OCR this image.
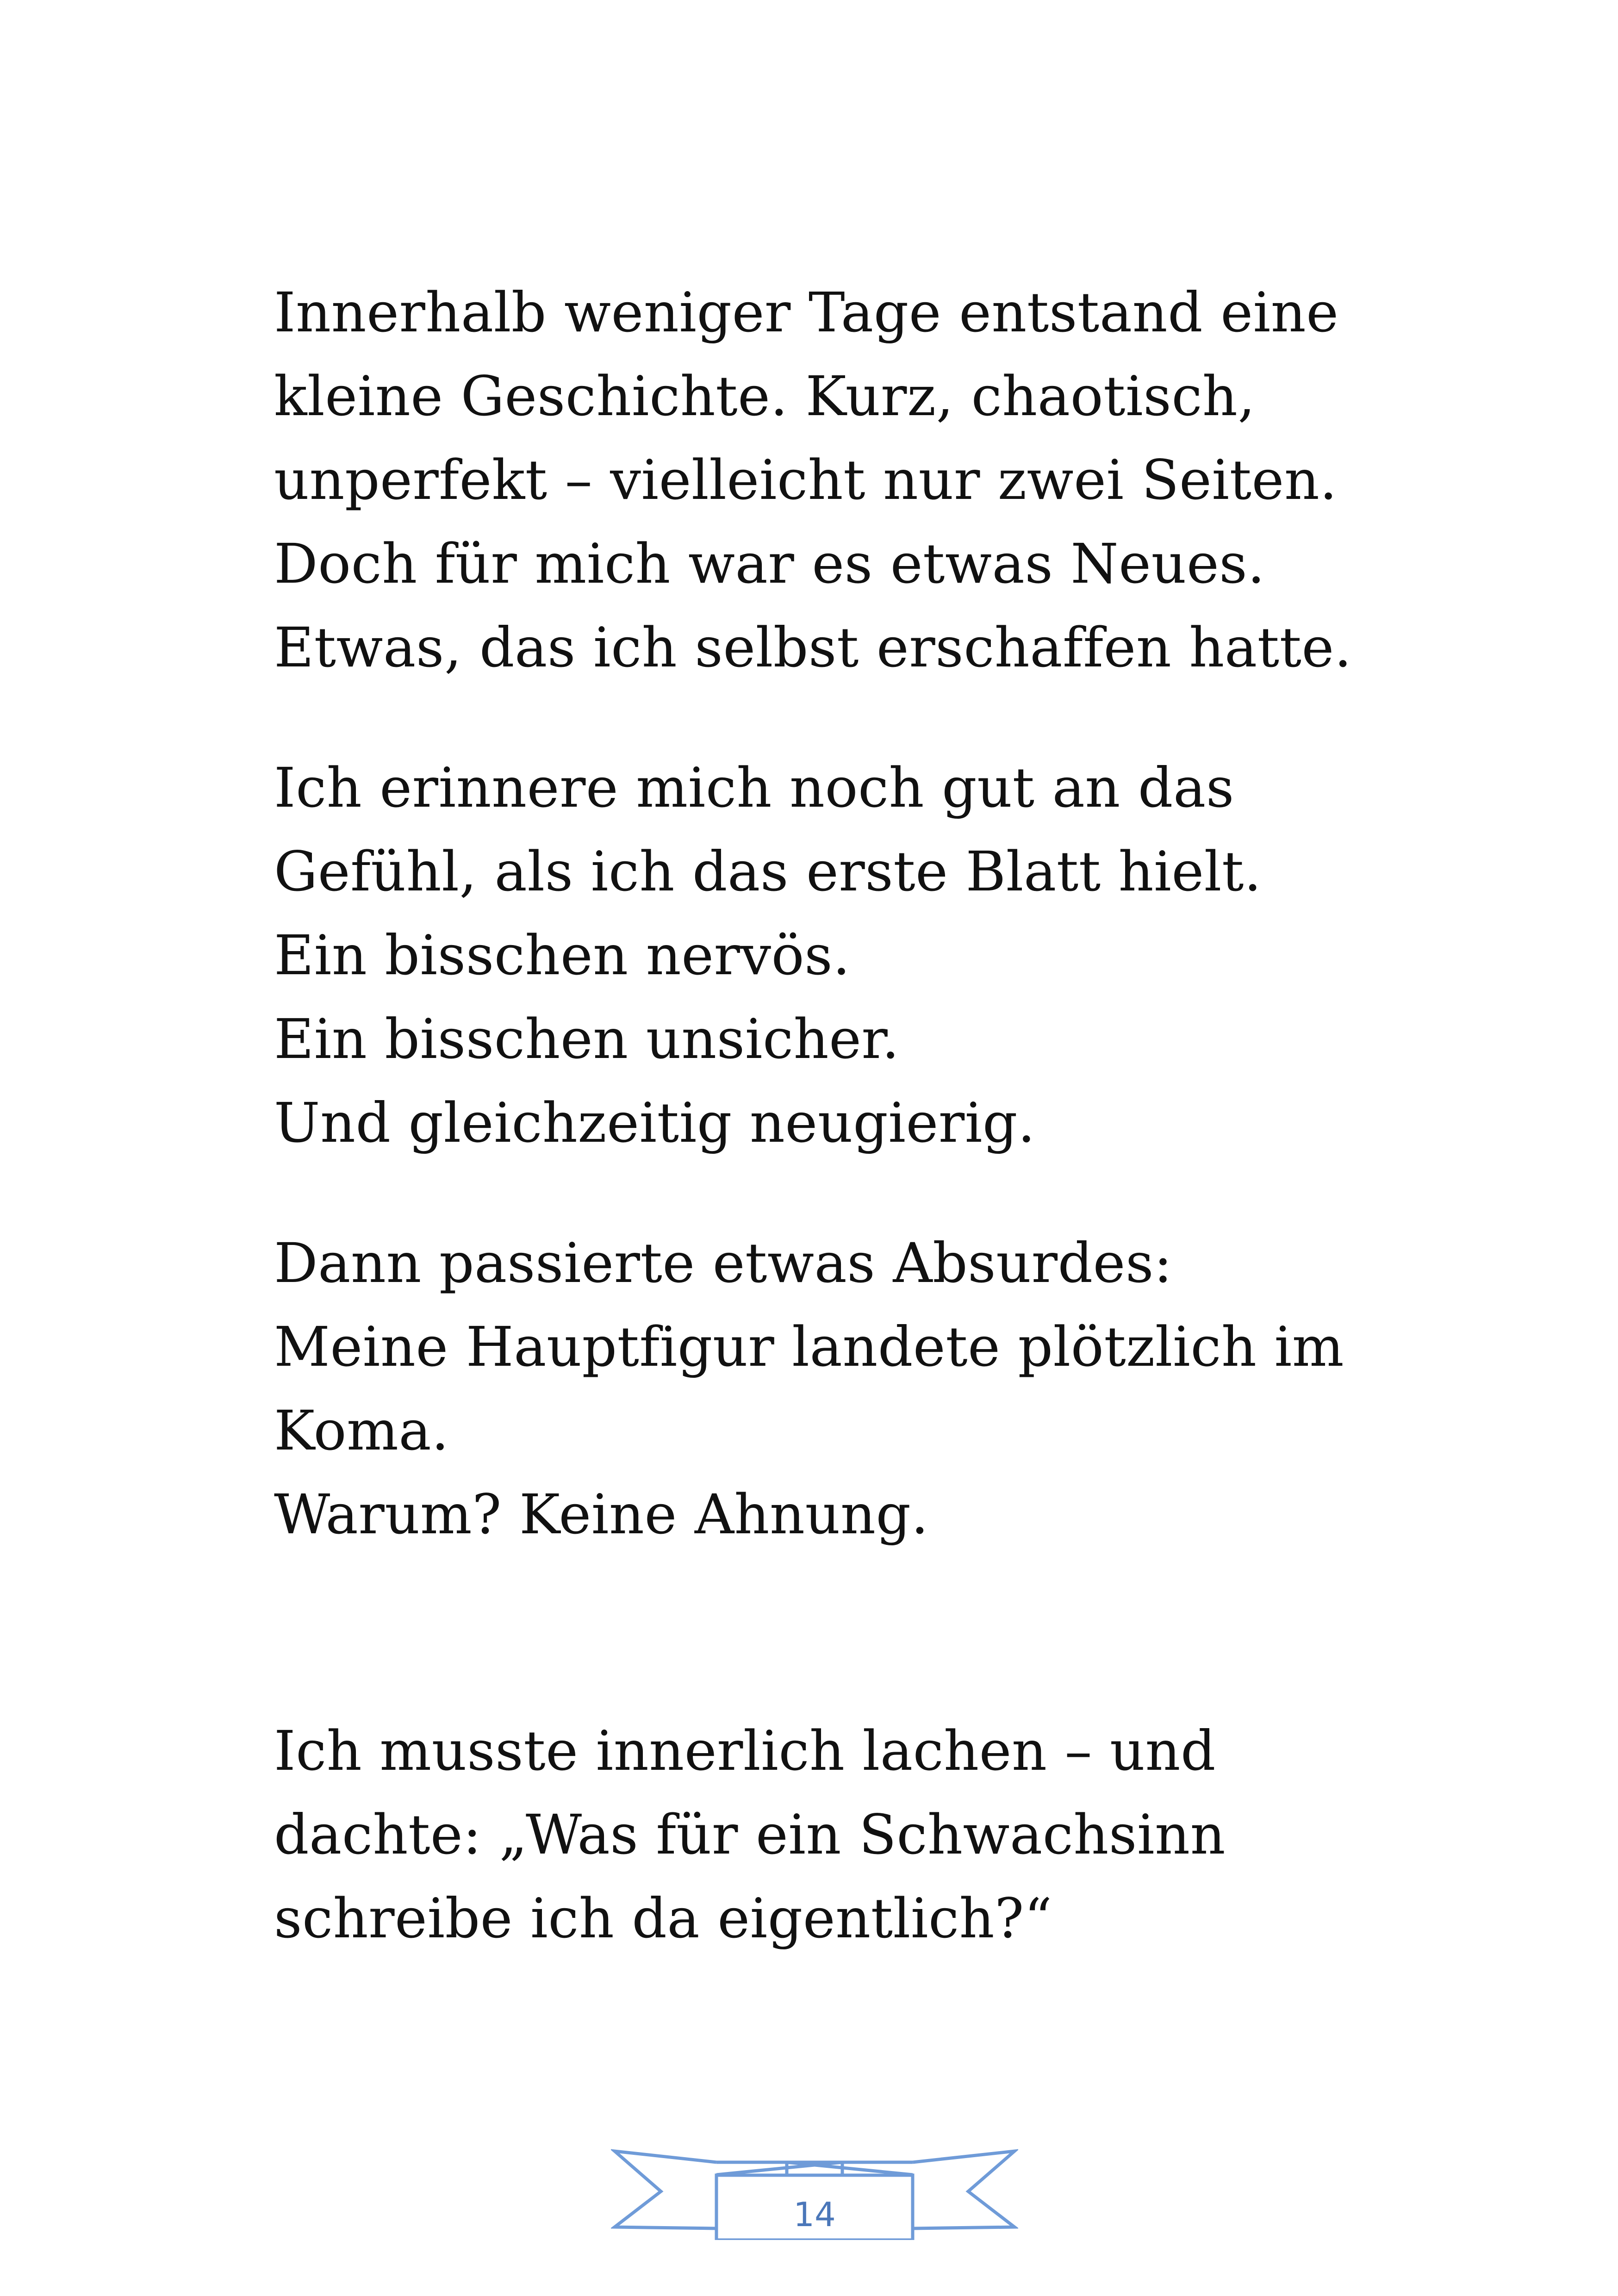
Innerhalb weniger Tage entstand eine
kleine Geschichte. Kurz, chaotisch,
unperfekt – vielleicht nur zwei Seiten.
Doch für mich war es etwas Neues.
Etwas, das ich selbst erschaffen hatte.
Ich erinnere mich noch gut an das
Gefühl, als ich das erste Blatt hielt.
Ein bisschen nervös.
Ein bisschen unsicher.
Und gleichzeitig neugierig.
Dann passierte etwas Absurdes:
Meine Hauptfigur landete plötzlich im
Koma.
Warum? Keine Ahnung.
Ich musste innerlich lachen – und
dachte: „Was für ein Schwachsinn
schreibe ich da eigentlich?“
14
